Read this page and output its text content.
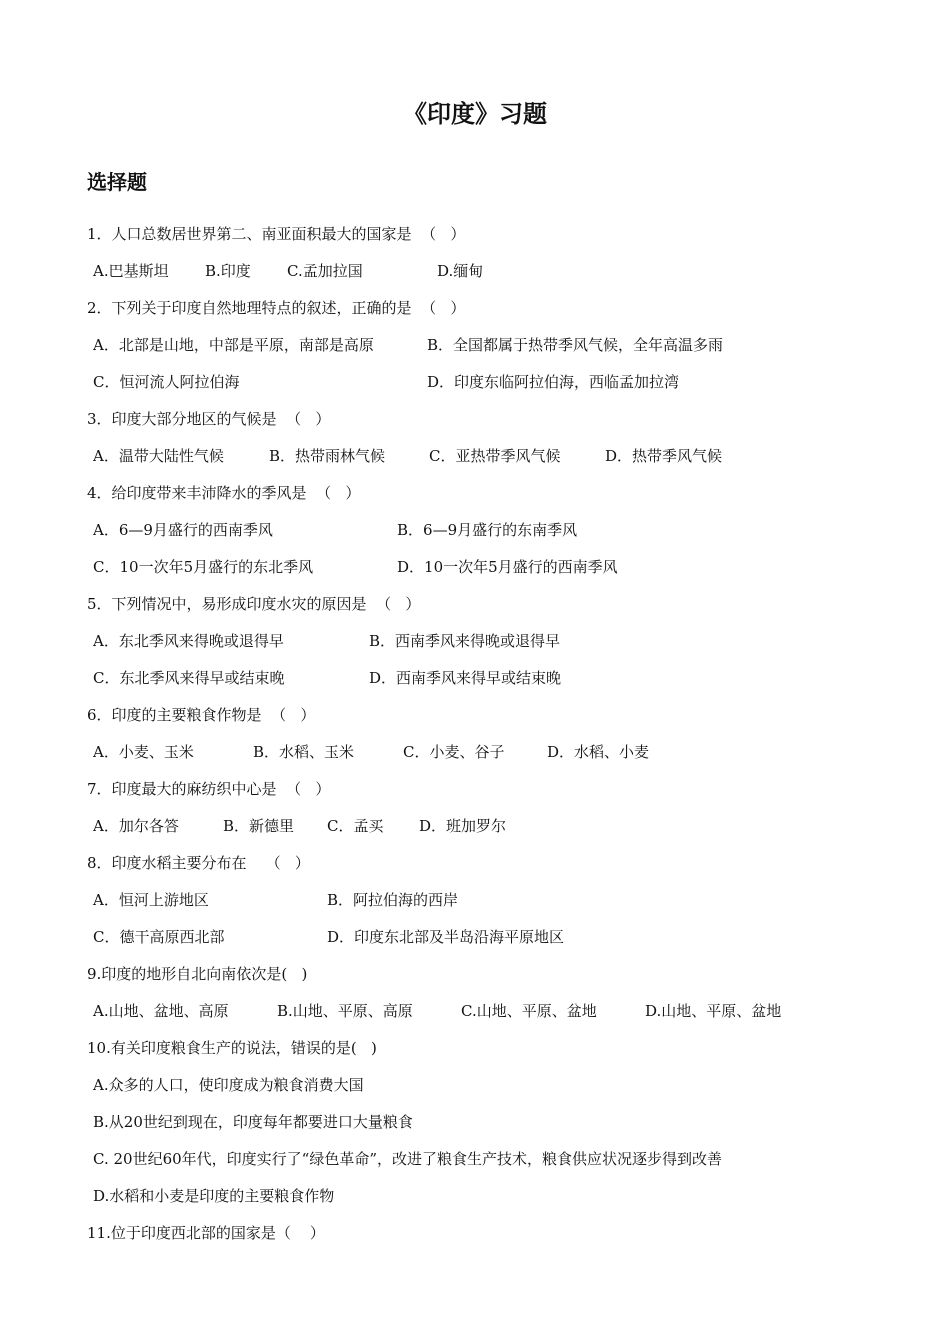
《印度》习题
选择题
1．人口总数居世界第二、南亚面积最大的国家是  （   ）
A.巴基斯坦 B.印度 C.孟加拉国	D.缅甸
2．下列关于印度自然地理特点的叙述，正确的是  （   ）
A．北部是山地，中部是平原，南部是高原	B．全国都属于热带季风气候，全年高温多雨
C．恒河流人阿拉伯海	D．印度东临阿拉伯海，西临孟加拉湾
3．印度大部分地区的气候是  （   ）
A．温带大陆性气候	B．热带雨林气候	C．亚热带季风气候	D．热带季风气候
4．给印度带来丰沛降水的季风是  （   ）
A．6—9月盛行的西南季风	B．6—9月盛行的东南季风
C．10一次年5月盛行的东北季风	D．10一次年5月盛行的西南季风
5．下列情况中，易形成印度水灾的原因是  （   ）
A．东北季风来得晚或退得早	B．西南季风来得晚或退得早
C．东北季风来得早或结束晚	D．西南季风来得早或结束晚
6．印度的主要粮食作物是  （   ）
A．小麦、玉米	B．水稻、玉米	C．小麦、谷子	D．水稻、小麦
7．印度最大的麻纺织中心是  （   ）
A．加尔各答	B．新德里 C．孟买 D．班加罗尔
8．印度水稻主要分布在    （   ）
A．恒河上游地区	B．阿拉伯海的西岸
C．德干高原西北部	D．印度东北部及半岛沿海平原地区
9.印度的地形自北向南依次是(   )
A.山地、盆地、高原	B.山地、平原、高原	C.山地、平原、盆地	D.山地、平原、盆地
10.有关印度粮食生产的说法，错误的是(   )
A.众多的人口，使印度成为粮食消费大国
B.从20世纪到现在，印度每年都要进口大量粮食
C. 20世纪60年代，印度实行了“绿色革命”，改进了粮食生产技术，粮食供应状况逐步得到改善
D.水稻和小麦是印度的主要粮食作物
11.位于印度西北部的国家是（    ）
